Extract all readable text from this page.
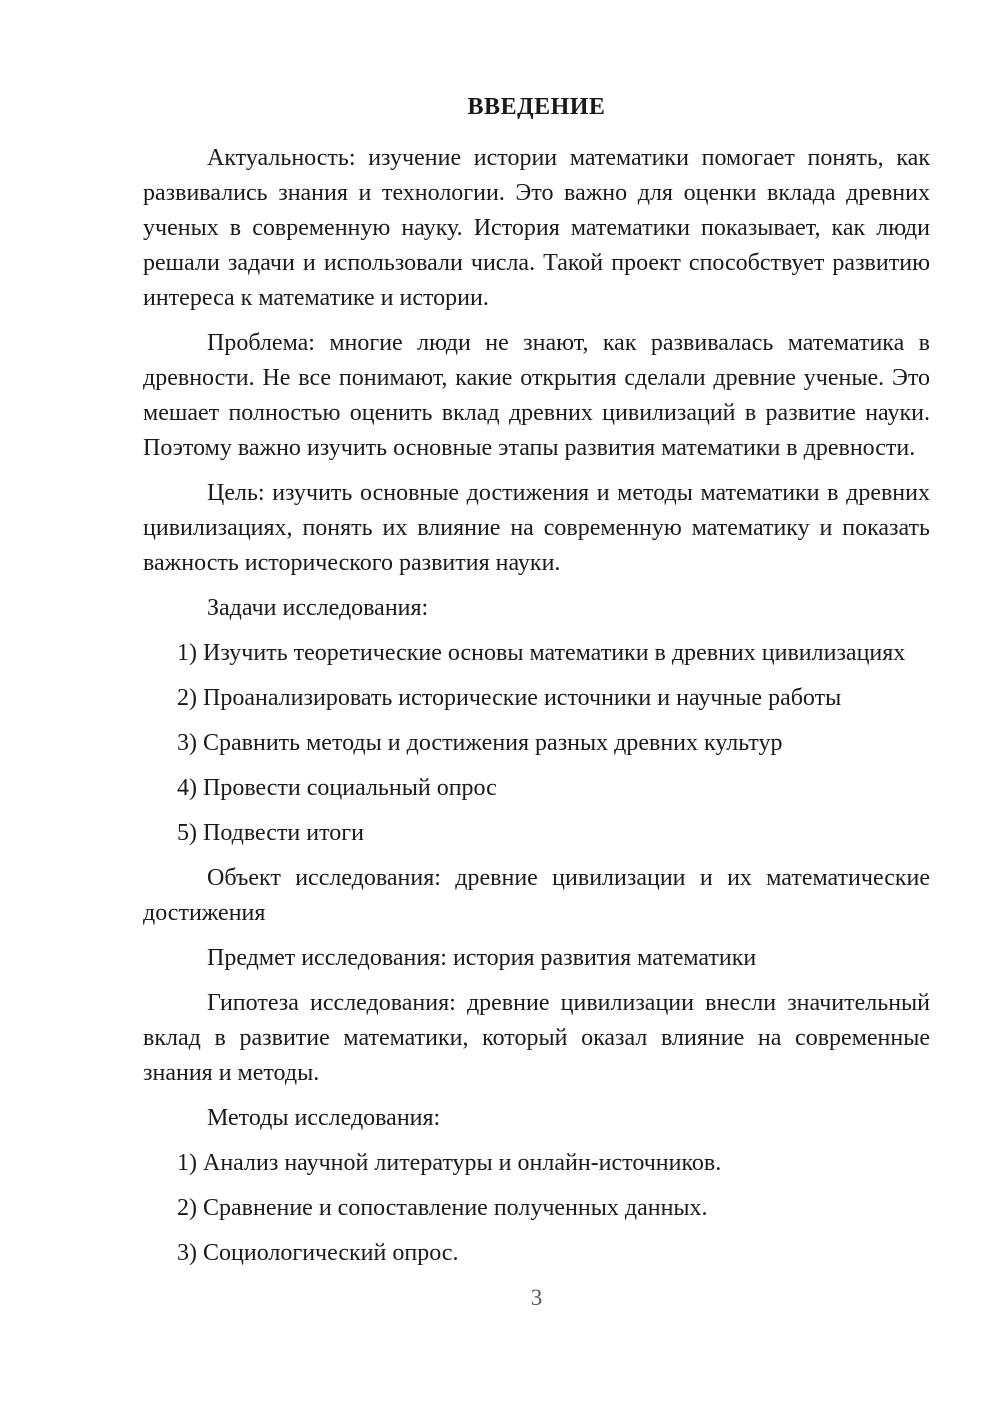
ВВЕДЕНИЕ

Актуальность: изучение истории математики помогает понять, как развивались знания и технологии. Это важно для оценки вклада древних ученых в современную науку. История математики показывает, как люди решали задачи и использовали числа. Такой проект способствует развитию интереса к математике и истории.

Проблема: многие люди не знают, как развивалась математика в древности. Не все понимают, какие открытия сделали древние ученые. Это мешает полностью оценить вклад древних цивилизаций в развитие науки. Поэтому важно изучить основные этапы развития математики в древности.

Цель: изучить основные достижения и методы математики в древних цивилизациях, понять их влияние на современную математику и показать важность исторического развития науки.

Задачи исследования:

1) Изучить теоретические основы математики в древних цивилизациях

2) Проанализировать исторические источники и научные работы

3) Сравнить методы и достижения разных древних культур

4) Провести социальный опрос

5) Подвести итоги

Объект исследования: древние цивилизации и их математические достижения

Предмет исследования: история развития математики

Гипотеза исследования: древние цивилизации внесли значительный вклад в развитие математики, который оказал влияние на современные знания и методы.

Методы исследования:

1) Анализ научной литературы и онлайн-источников.

2) Сравнение и сопоставление полученных данных.

3) Социологический опрос.

3
